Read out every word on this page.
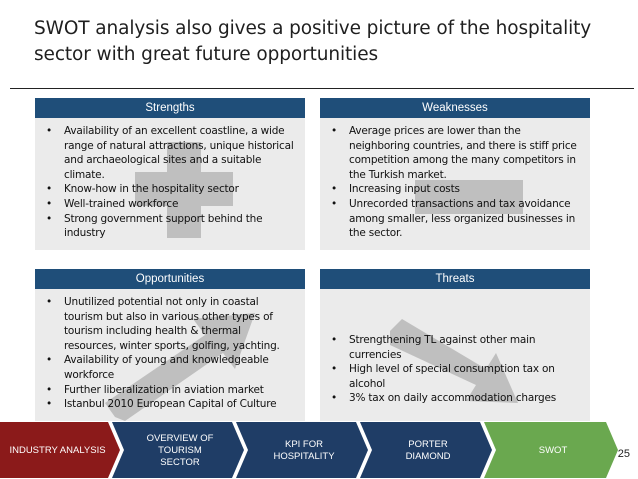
SWOT analysis also gives a positive picture of the hospitality
sector with great future opportunities
Strengths
• Availability of an excellent coastline, a wide range of natural attractions, unique historical and archaeological sites and a suitable climate.
• Know-how in the hospitality sector
• Well-trained workforce
• Strong government support behind the industry
Weaknesses
• Average prices are lower than the neighboring countries, and there is stiff price competition among the many competitors in the Turkish market.
• Increasing input costs
• Unrecorded transactions and tax avoidance among smaller, less organized businesses in the sector.
Opportunities
• Unutilized potential not only in coastal tourism but also in various other types of tourism including health & thermal resources, winter sports, golfing, yachting.
• Availability of young and knowledgeable workforce
• Further liberalization in aviation market
• Istanbul 2010 European Capital of Culture
Threats
• Strengthening TL against other main currencies
• High level of special consumption tax on alcohol
• 3% tax on daily accommodation charges
INDUSTRY ANALYSIS
OVERVIEW OF TOURISM
SECTOR
KPI FOR
HOSPITALITY
PORTER
DIAMOND
SWOT	25
